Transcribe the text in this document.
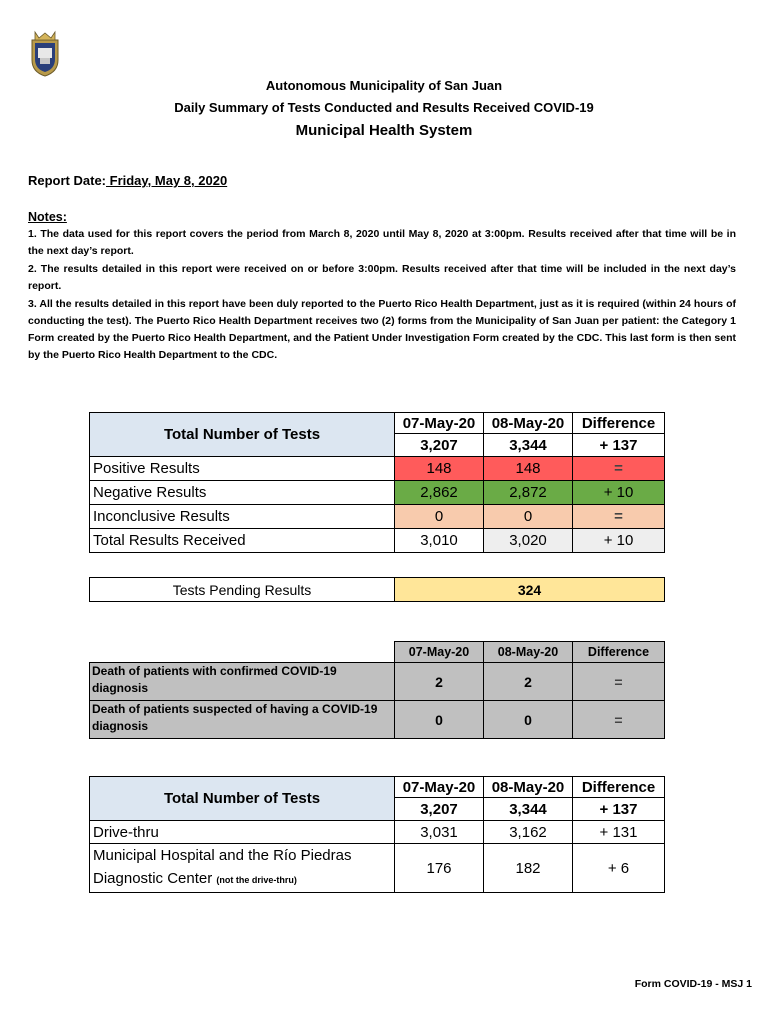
Autonomous Municipality of San Juan
Daily Summary of Tests Conducted and Results Received COVID-19
Municipal Health System
Report Date: Friday, May 8, 2020
Notes:

1. The data used for this report covers the period from March 8, 2020 until May 8, 2020 at 3:00pm. Results received after that time will be in the next day’s report.

2. The results detailed in this report were received on or before 3:00pm. Results received after that time will be included in the next day’s report.

3. All the results detailed in this report have been duly reported to the Puerto Rico Health Department, just as it is required (within 24 hours of conducting the test). The Puerto Rico Health Department receives two (2) forms from the Municipality of San Juan per patient: the Category 1 Form created by the Puerto Rico Health Department, and the Patient Under Investigation Form created by the CDC. This last form is then sent by the Puerto Rico Health Department to the CDC.

Total Number of Tests	07-May-20	08-May-20	Difference
	3,207	3,344	+ 137
Positive Results	148	148	=
Negative Results	2,862	2,872	+ 10
Inconclusive Results	0	0	=
Total Results Received	3,010	3,020	+ 10
Tests Pending Results	324
	07-May-20	08-May-20	Difference
Death of patients with confirmed COVID-19 diagnosis	2	2	=
Death of patients suspected of having a COVID-19 diagnosis	0	0	=
Total Number of Tests	07-May-20	08-May-20	Difference
	3,207	3,344	+ 137
Drive-thru	3,031	3,162	+ 131

Municipal Hospital and the Río Piedras
Diagnostic Center (not the drive-thru)	176	182	+ 6
Form COVID-19 - MSJ 1
